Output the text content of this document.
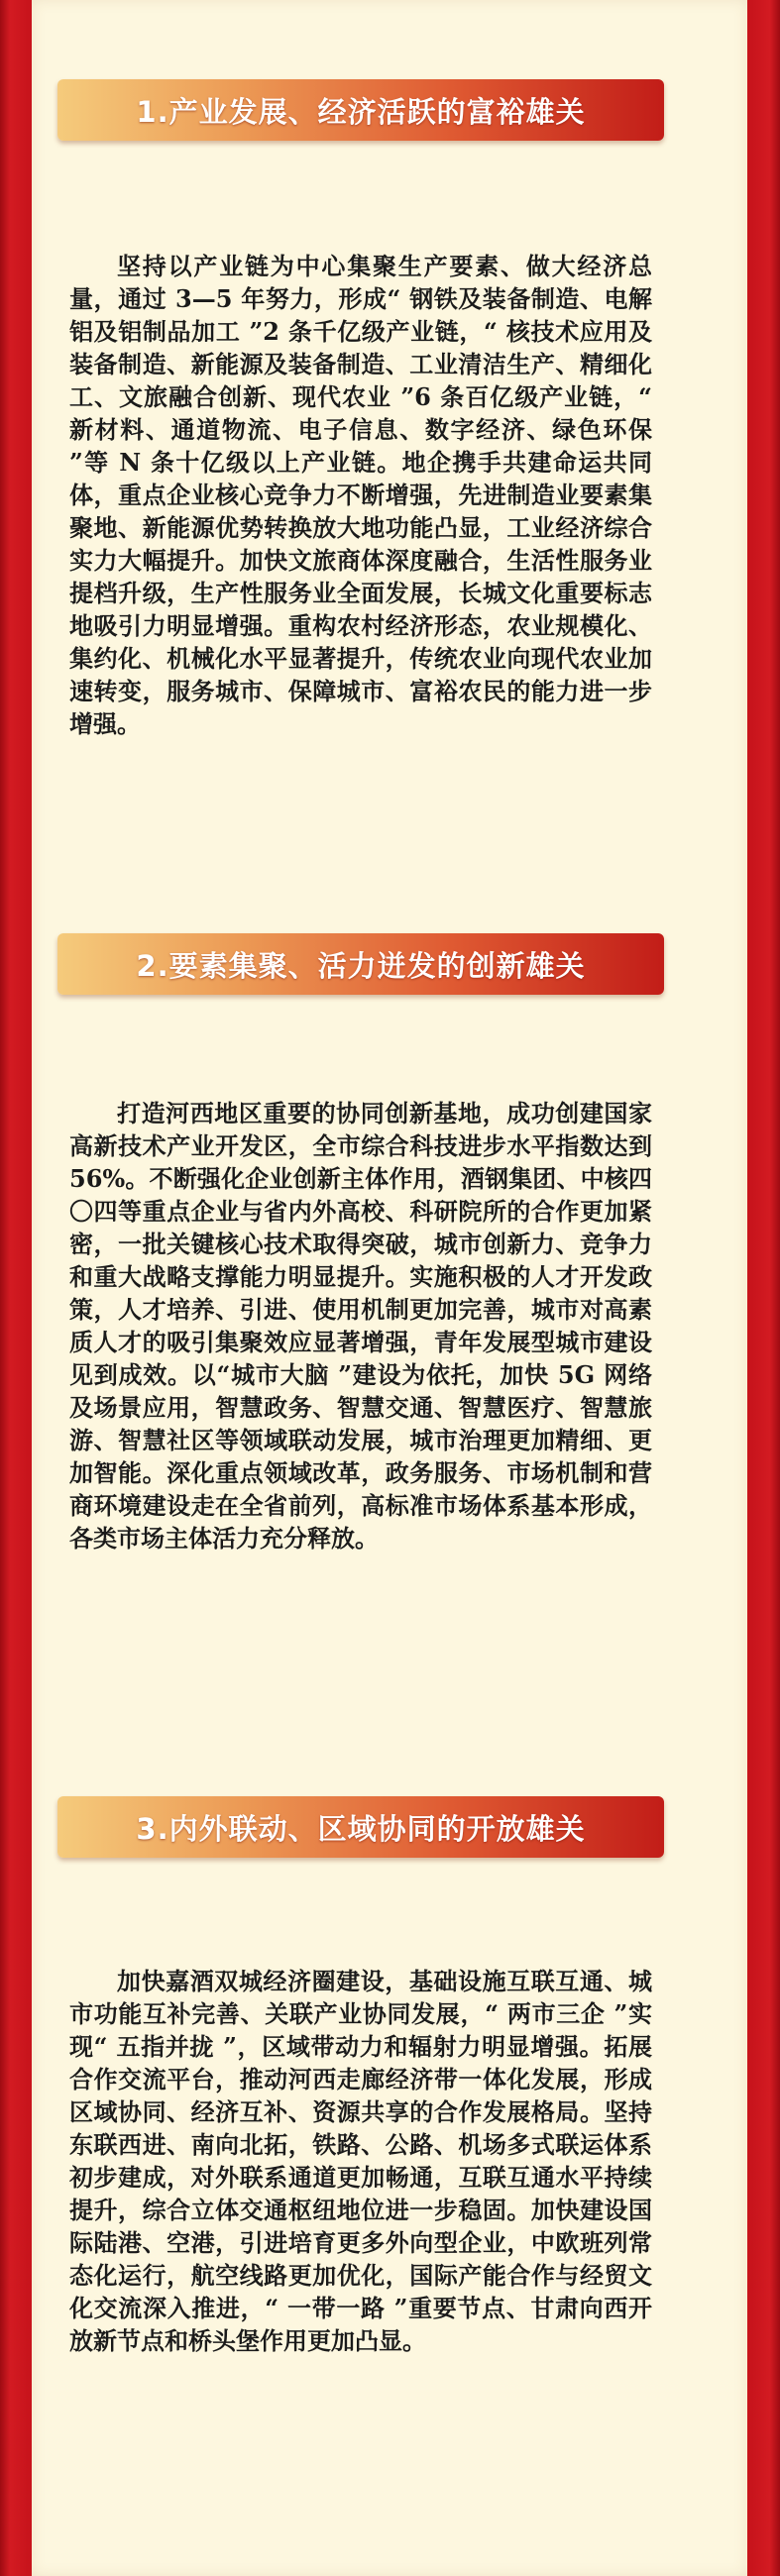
1.产业发展、经济活跃的富裕雄关

坚持以产业链为中心集聚生产要素、做大经济总量，通过 3—5 年努力，形成“ 钢铁及装备制造、电解铝及铝制品加工 ”2 条千亿级产业链，“ 核技术应用及装备制造、新能源及装备制造、工业清洁生产、精细化工、文旅融合创新、现代农业 ”6 条百亿级产业链，“ 新材料、通道物流、电子信息、数字经济、绿色环保 ”等 N 条十亿级以上产业链。地企携手共建命运共同体，重点企业核心竞争力不断增强，先进制造业要素集聚地、新能源优势转换放大地功能凸显，工业经济综合实力大幅提升。加快文旅商体深度融合，生活性服务业提档升级，生产性服务业全面发展，长城文化重要标志地吸引力明显增强。重构农村经济形态，农业规模化、集约化、机械化水平显著提升，传统农业向现代农业加速转变，服务城市、保障城市、富裕农民的能力进一步增强。

2.要素集聚、活力迸发的创新雄关

打造河西地区重要的协同创新基地，成功创建国家高新技术产业开发区，全市综合科技进步水平指数达到 56%。不断强化企业创新主体作用，酒钢集团、中核四〇四等重点企业与省内外高校、科研院所的合作更加紧密，一批关键核心技术取得突破，城市创新力、竞争力和重大战略支撑能力明显提升。实施积极的人才开发政策，人才培养、引进、使用机制更加完善，城市对高素质人才的吸引集聚效应显著增强，青年发展型城市建设见到成效。以“城市大脑 ”建设为依托，加快 5G 网络及场景应用，智慧政务、智慧交通、智慧医疗、智慧旅游、智慧社区等领域联动发展，城市治理更加精细、更加智能。深化重点领域改革，政务服务、市场机制和营商环境建设走在全省前列，高标准市场体系基本形成，各类市场主体活力充分释放。

3.内外联动、区域协同的开放雄关

加快嘉酒双城经济圈建设，基础设施互联互通、城市功能互补完善、关联产业协同发展，“ 两市三企 ”实现“ 五指并拢 ”，区域带动力和辐射力明显增强。拓展合作交流平台，推动河西走廊经济带一体化发展，形成区域协同、经济互补、资源共享的合作发展格局。坚持东联西进、南向北拓，铁路、公路、机场多式联运体系初步建成，对外联系通道更加畅通，互联互通水平持续提升，综合立体交通枢纽地位进一步稳固。加快建设国际陆港、空港，引进培育更多外向型企业，中欧班列常态化运行，航空线路更加优化，国际产能合作与经贸文化交流深入推进，“ 一带一路 ”重要节点、甘肃向西开放新节点和桥头堡作用更加凸显。
